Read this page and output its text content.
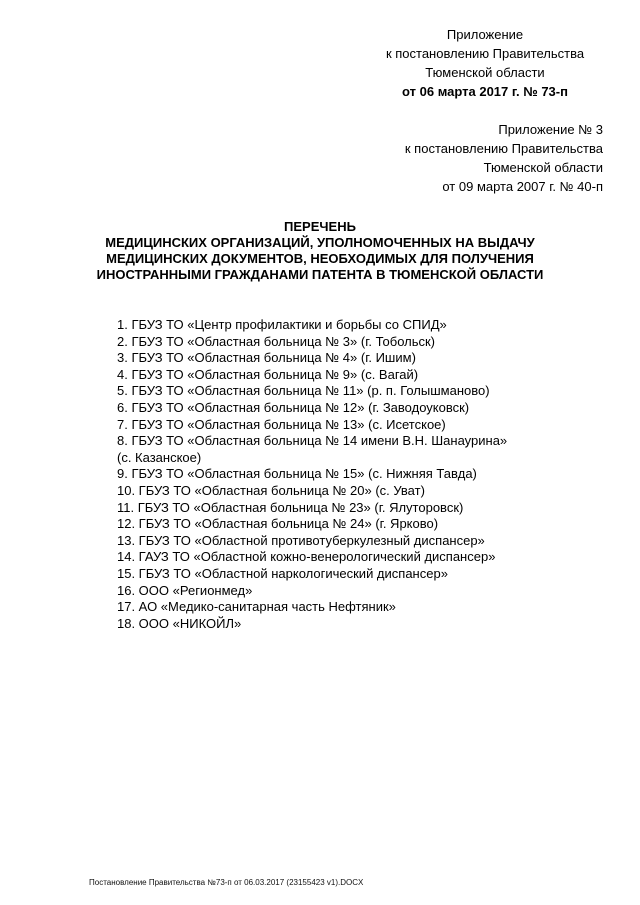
Приложение
к постановлению Правительства
Тюменской области
от 06 марта 2017 г. № 73-п
Приложение № 3
к постановлению Правительства
Тюменской области
от 09 марта 2007 г. № 40-п
ПЕРЕЧЕНЬ
МЕДИЦИНСКИХ ОРГАНИЗАЦИЙ, УПОЛНОМОЧЕННЫХ НА ВЫДАЧУ
МЕДИЦИНСКИХ ДОКУМЕНТОВ, НЕОБХОДИМЫХ ДЛЯ ПОЛУЧЕНИЯ
ИНОСТРАННЫМИ ГРАЖДАНАМИ ПАТЕНТА В ТЮМЕНСКОЙ ОБЛАСТИ
1. ГБУЗ ТО «Центр профилактики и борьбы со СПИД»
2. ГБУЗ ТО «Областная больница № 3» (г. Тобольск)
3. ГБУЗ ТО «Областная больница № 4» (г. Ишим)
4. ГБУЗ ТО «Областная больница № 9» (с. Вагай)
5. ГБУЗ ТО «Областная больница № 11» (р. п. Голышманово)
6. ГБУЗ ТО «Областная больница № 12» (г. Заводоуковск)
7. ГБУЗ ТО «Областная больница № 13» (с. Исетское)
8. ГБУЗ ТО «Областная больница № 14 имени В.Н. Шанаурина»
(с. Казанское)
9. ГБУЗ ТО «Областная больница № 15» (с. Нижняя Тавда)
10. ГБУЗ ТО «Областная больница № 20» (с. Уват)
11. ГБУЗ ТО «Областная больница № 23» (г. Ялуторовск)
12. ГБУЗ ТО «Областная больница № 24» (г. Ярково)
13. ГБУЗ ТО «Областной противотуберкулезный диспансер»
14. ГАУЗ ТО «Областной кожно-венерологический диспансер»
15. ГБУЗ ТО «Областной наркологический диспансер»
16. ООО «Регионмед»
17. АО «Медико-санитарная часть Нефтяник»
18. ООО «НИКОЙЛ»
Постановление Правительства №73-п от 06.03.2017 (23155423 v1).DOCX
